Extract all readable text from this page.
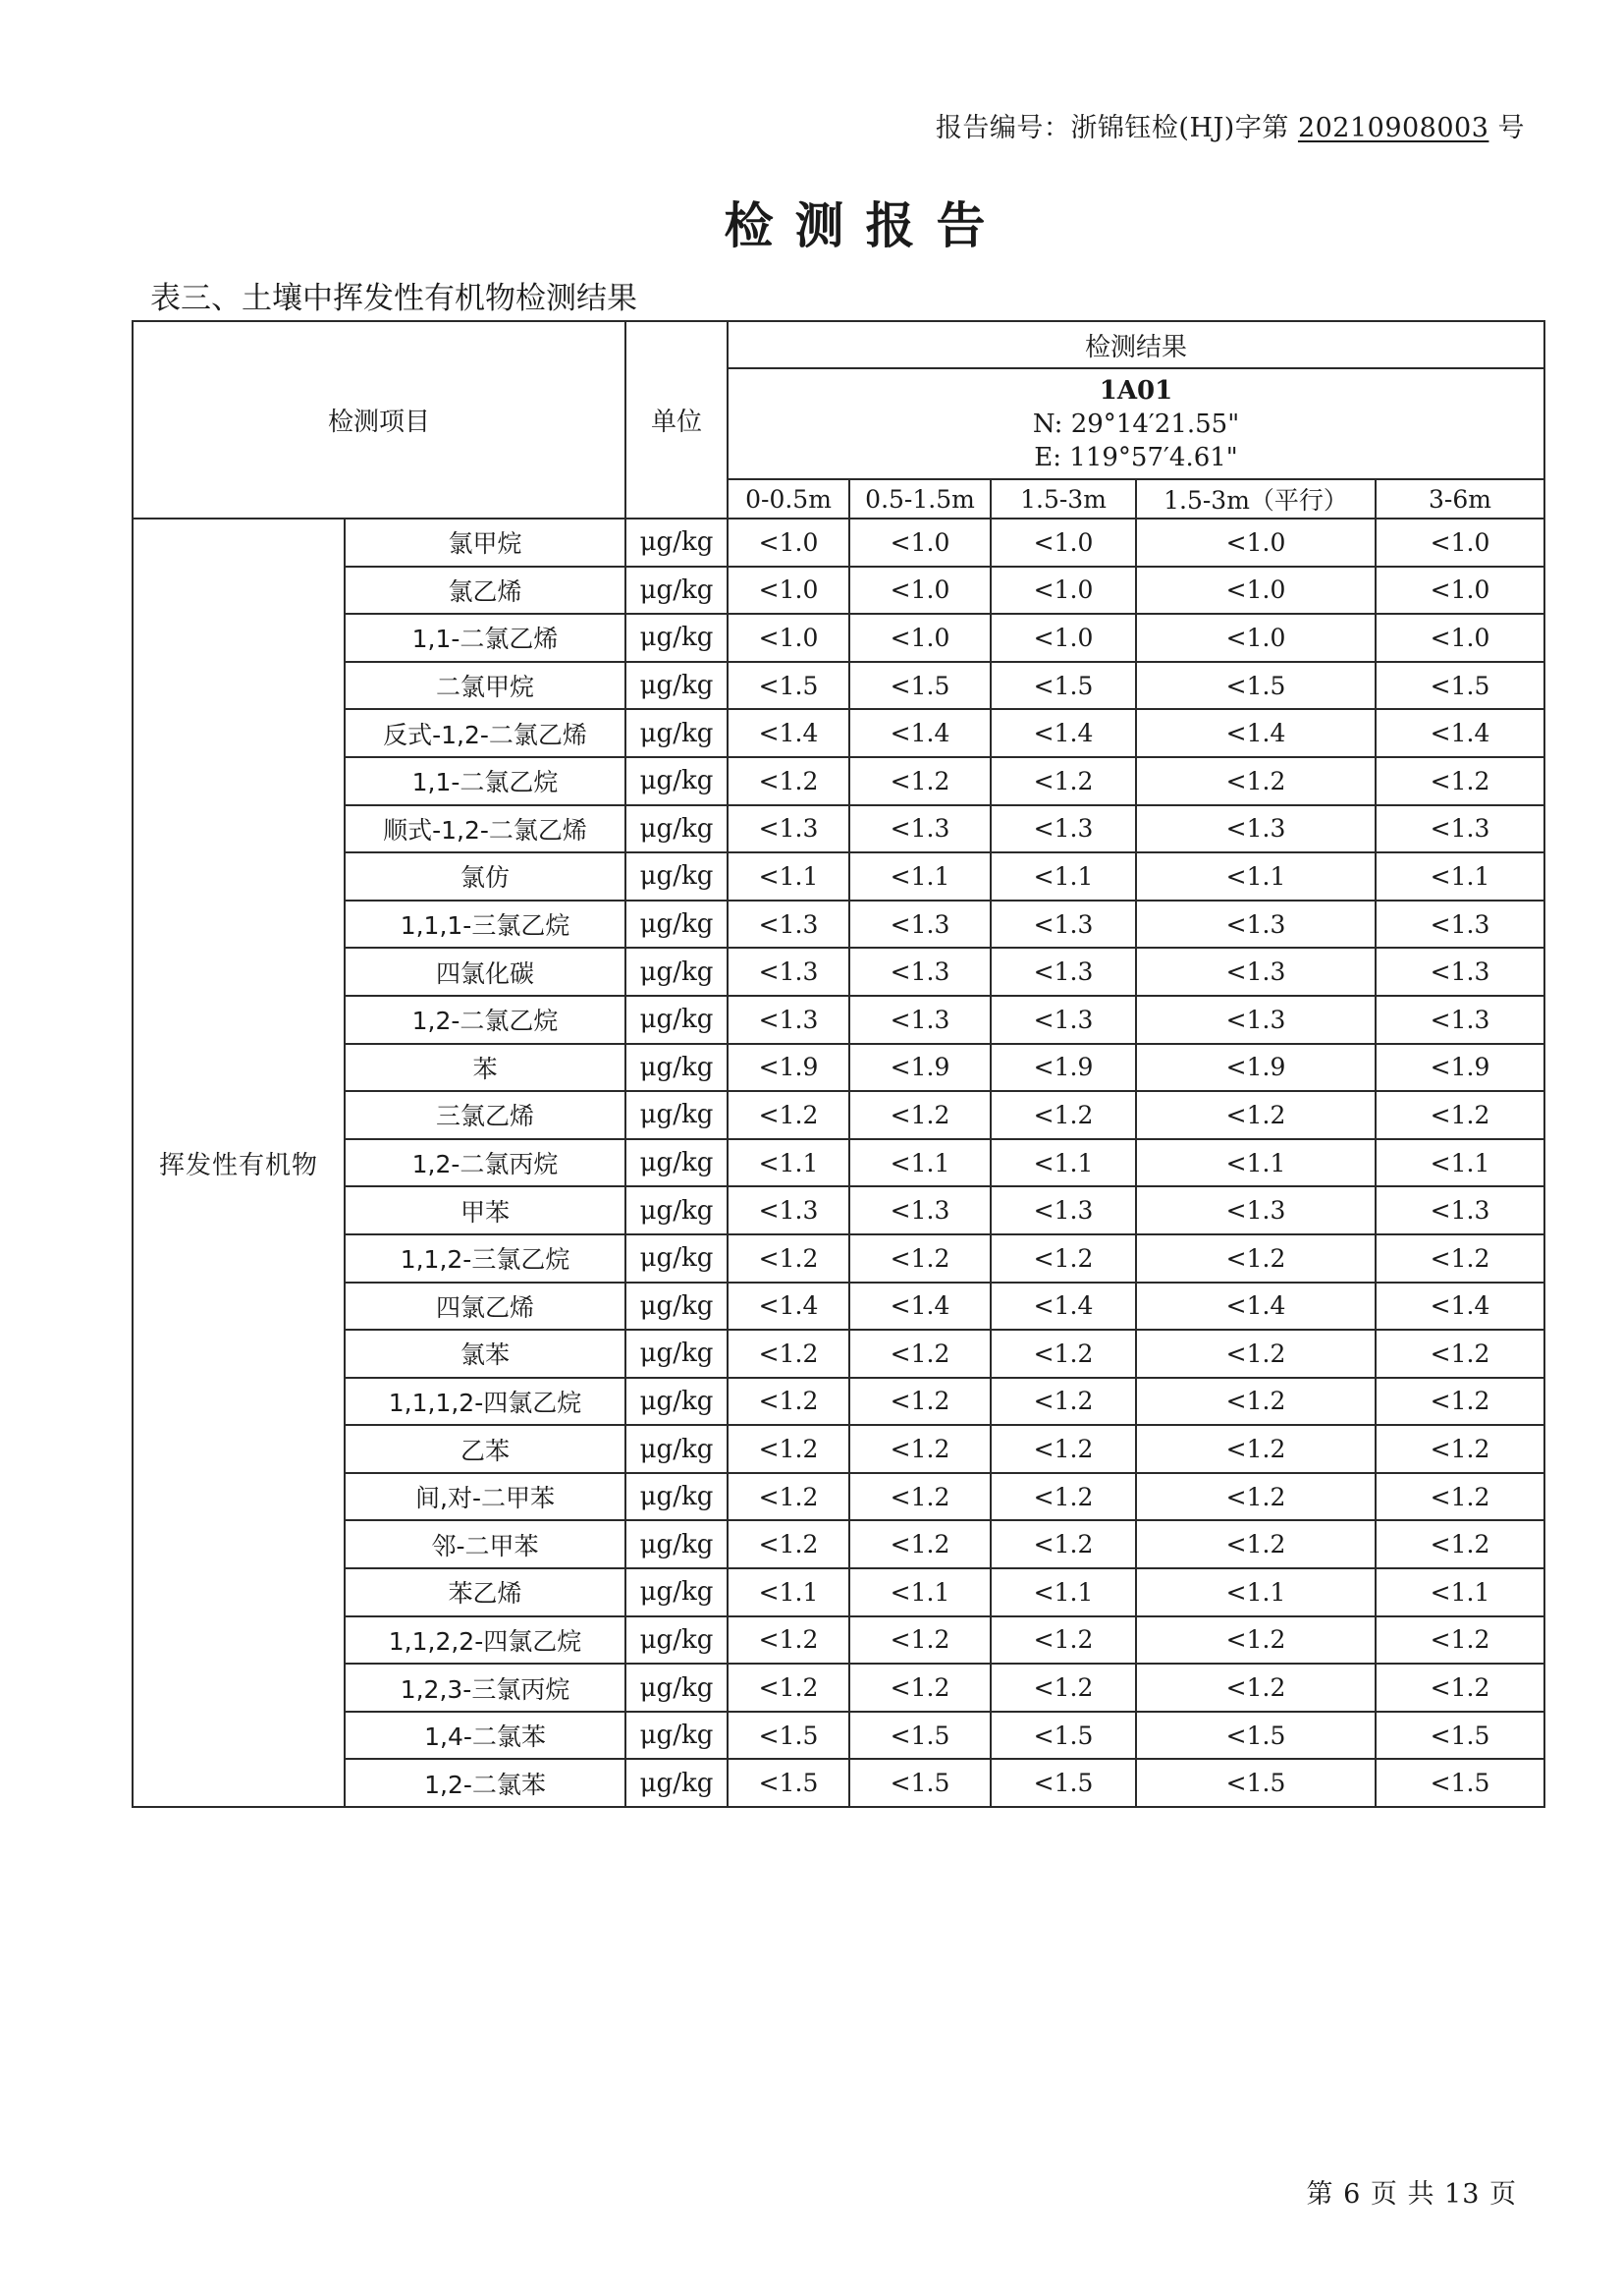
报告编号：浙锦钰检(HJ)字第 20210908003 号
检测报告
表三、土壤中挥发性有机物检测结果
检测项目		单位	检测结果				

			1A01
N: 29°14′21.55"
E: 119°57′4.61"				

			0-0.5m	0.5-1.5m	1.5-3m	1.5-3m（平行）	3-6m
挥发性有机物	氯甲烷	μg/kg	<1.0	<1.0	<1.0	<1.0	<1.0
	氯乙烯	μg/kg	<1.0	<1.0	<1.0	<1.0	<1.0
	1,1-二氯乙烯	μg/kg	<1.0	<1.0	<1.0	<1.0	<1.0
	二氯甲烷	μg/kg	<1.5	<1.5	<1.5	<1.5	<1.5
	反式-1,2-二氯乙烯	μg/kg	<1.4	<1.4	<1.4	<1.4	<1.4
	1,1-二氯乙烷	μg/kg	<1.2	<1.2	<1.2	<1.2	<1.2
	顺式-1,2-二氯乙烯	μg/kg	<1.3	<1.3	<1.3	<1.3	<1.3
	氯仿	μg/kg	<1.1	<1.1	<1.1	<1.1	<1.1
	1,1,1-三氯乙烷	μg/kg	<1.3	<1.3	<1.3	<1.3	<1.3
	四氯化碳	μg/kg	<1.3	<1.3	<1.3	<1.3	<1.3
	1,2-二氯乙烷	μg/kg	<1.3	<1.3	<1.3	<1.3	<1.3
	苯	μg/kg	<1.9	<1.9	<1.9	<1.9	<1.9
	三氯乙烯	μg/kg	<1.2	<1.2	<1.2	<1.2	<1.2
	1,2-二氯丙烷	μg/kg	<1.1	<1.1	<1.1	<1.1	<1.1
	甲苯	μg/kg	<1.3	<1.3	<1.3	<1.3	<1.3
	1,1,2-三氯乙烷	μg/kg	<1.2	<1.2	<1.2	<1.2	<1.2
	四氯乙烯	μg/kg	<1.4	<1.4	<1.4	<1.4	<1.4
	氯苯	μg/kg	<1.2	<1.2	<1.2	<1.2	<1.2
	1,1,1,2-四氯乙烷	μg/kg	<1.2	<1.2	<1.2	<1.2	<1.2
	乙苯	μg/kg	<1.2	<1.2	<1.2	<1.2	<1.2
	间,对-二甲苯	μg/kg	<1.2	<1.2	<1.2	<1.2	<1.2
	邻-二甲苯	μg/kg	<1.2	<1.2	<1.2	<1.2	<1.2
	苯乙烯	μg/kg	<1.1	<1.1	<1.1	<1.1	<1.1
	1,1,2,2-四氯乙烷	μg/kg	<1.2	<1.2	<1.2	<1.2	<1.2
	1,2,3-三氯丙烷	μg/kg	<1.2	<1.2	<1.2	<1.2	<1.2
	1,4-二氯苯	μg/kg	<1.5	<1.5	<1.5	<1.5	<1.5
	1,2-二氯苯	μg/kg	<1.5	<1.5	<1.5	<1.5	<1.5
第 6 页 共 13 页
